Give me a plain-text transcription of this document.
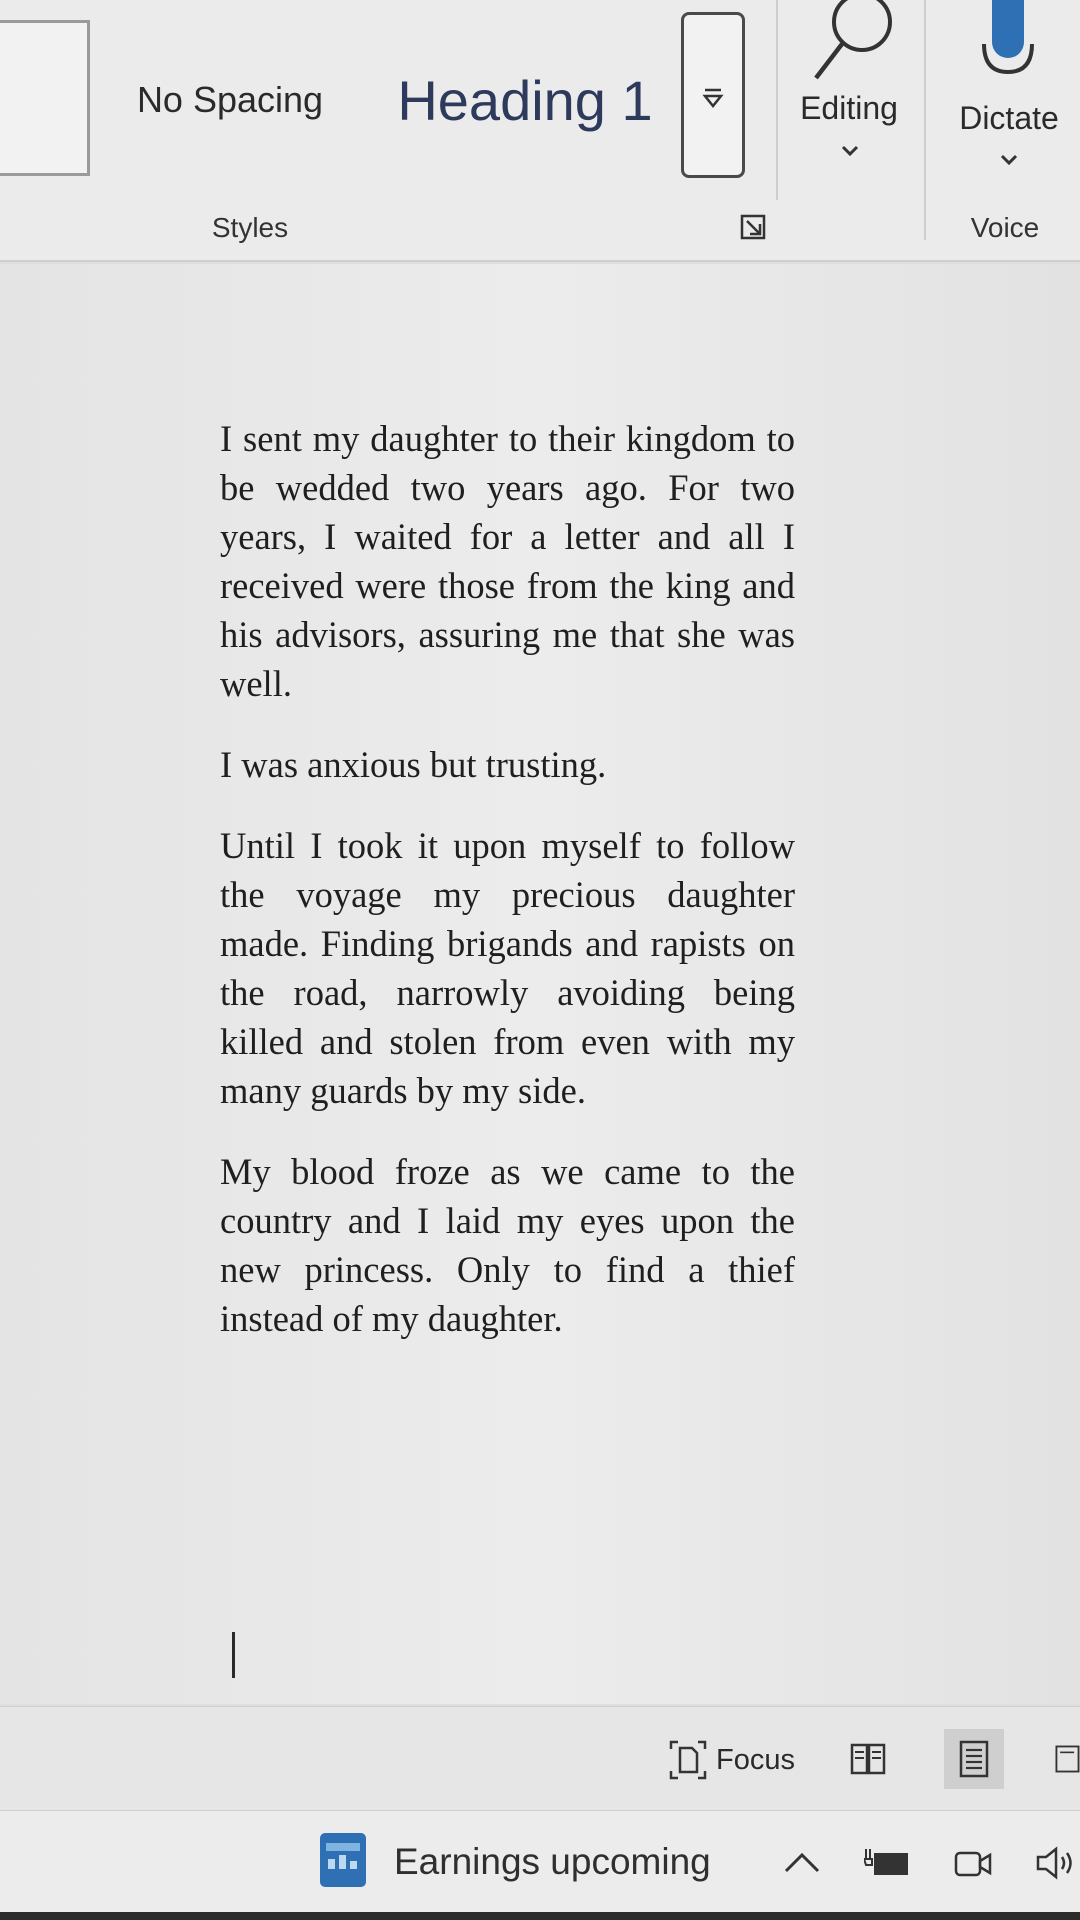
No Spacing	Heading 1
Styles
Editing	Dictate
Voice

I sent my daughter to their kingdom to be wedded two years ago. For two years, I waited for a letter and all I received were those from the king and his advisors, assuring me that she was well.

I was anxious but trusting.

Until I took it upon myself to follow the voyage my precious daughter made. Finding brigands and rapists on the road, narrowly avoiding being killed and stolen from even with my many guards by my side.

My blood froze as we came to the country and I laid my eyes upon the new princess. Only to find a thief instead of my daughter.

Focus
Earnings upcoming
